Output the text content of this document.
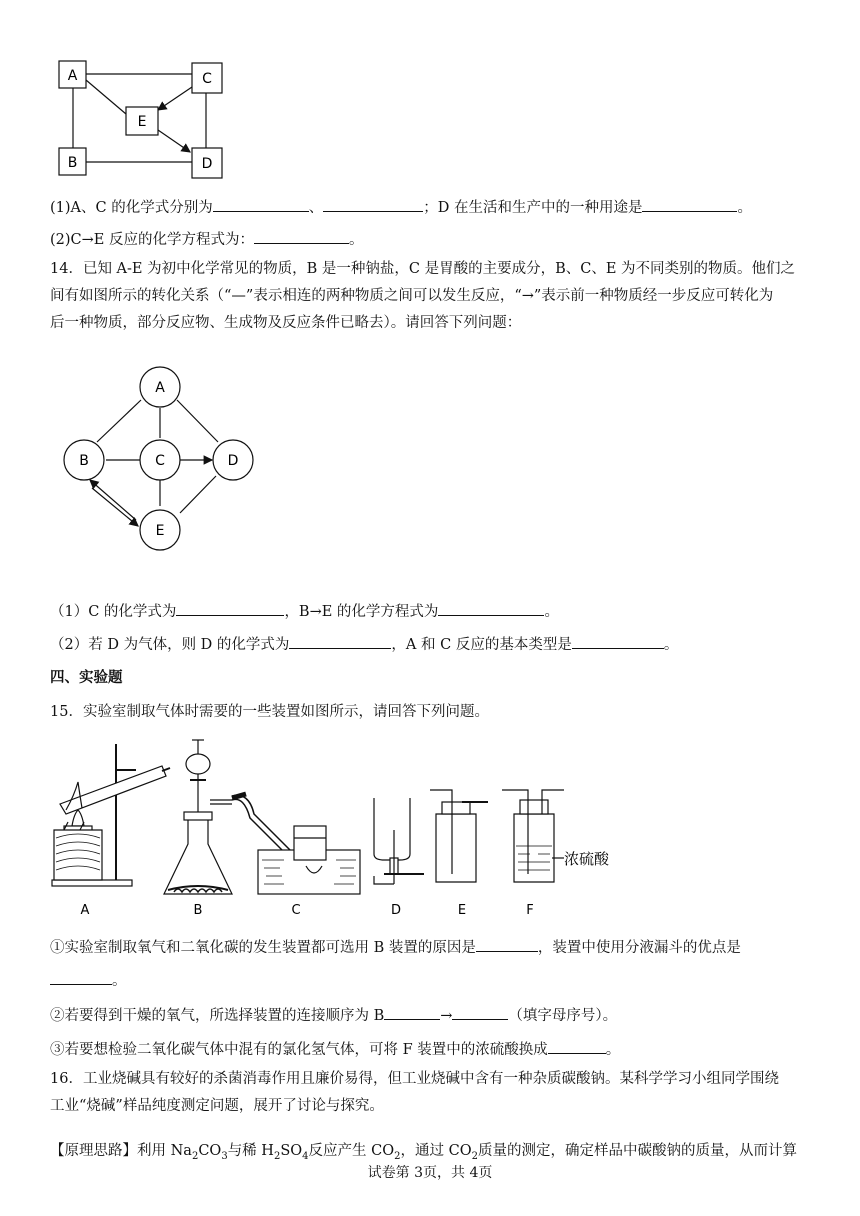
A	C
E
B	D
(1)A、C 的化学式分别为	、	；D 在生活和生产中的一种用途是	。
(2)C→E 反应的化学方程式为：	。
14．已知 A-E 为初中化学常见的物质，B 是一种钠盐，C 是胃酸的主要成分，B、C、E 为不同类别的物质。他们之
间有如图所示的转化关系（“—”表示相连的两种物质之间可以发生反应，“→”表示前一种物质经一步反应可转化为
后一种物质，部分反应物、生成物及反应条件已略去）。请回答下列问题：
A
B	C	D
E
（1）C 的化学式为	，B→E 的化学方程式为	。
（2）若 D 为气体，则 D 的化学式为	，A 和 C 反应的基本类型是	。
四、实验题
15．实验室制取气体时需要的一些装置如图所示，请回答下列问题。
浓硫酸
A	B	C	D	E	F
①实验室制取氧气和二氧化碳的发生装置都可选用 B 装置的原因是	，装置中使用分液漏斗的优点是
。
②若要得到干燥的氧气，所选择装置的连接顺序为 B	→	（填字母序号）。
③若要想检验二氧化碳气体中混有的氯化氢气体，可将 F 装置中的浓硫酸换成	。
16．工业烧碱具有较好的杀菌消毒作用且廉价易得，但工业烧碱中含有一种杂质碳酸钠。某科学学习小组同学围绕
工业“烧碱”样品纯度测定问题，展开了讨论与探究。
【原理思路】利用 $Na_2CO_3$与稀 $H_2SO_4$反应产生 $CO_2$，通过 $CO_2$质量的测定，确定样品中碳酸钠的质量，从而计算
试卷第 3页，共 4页
